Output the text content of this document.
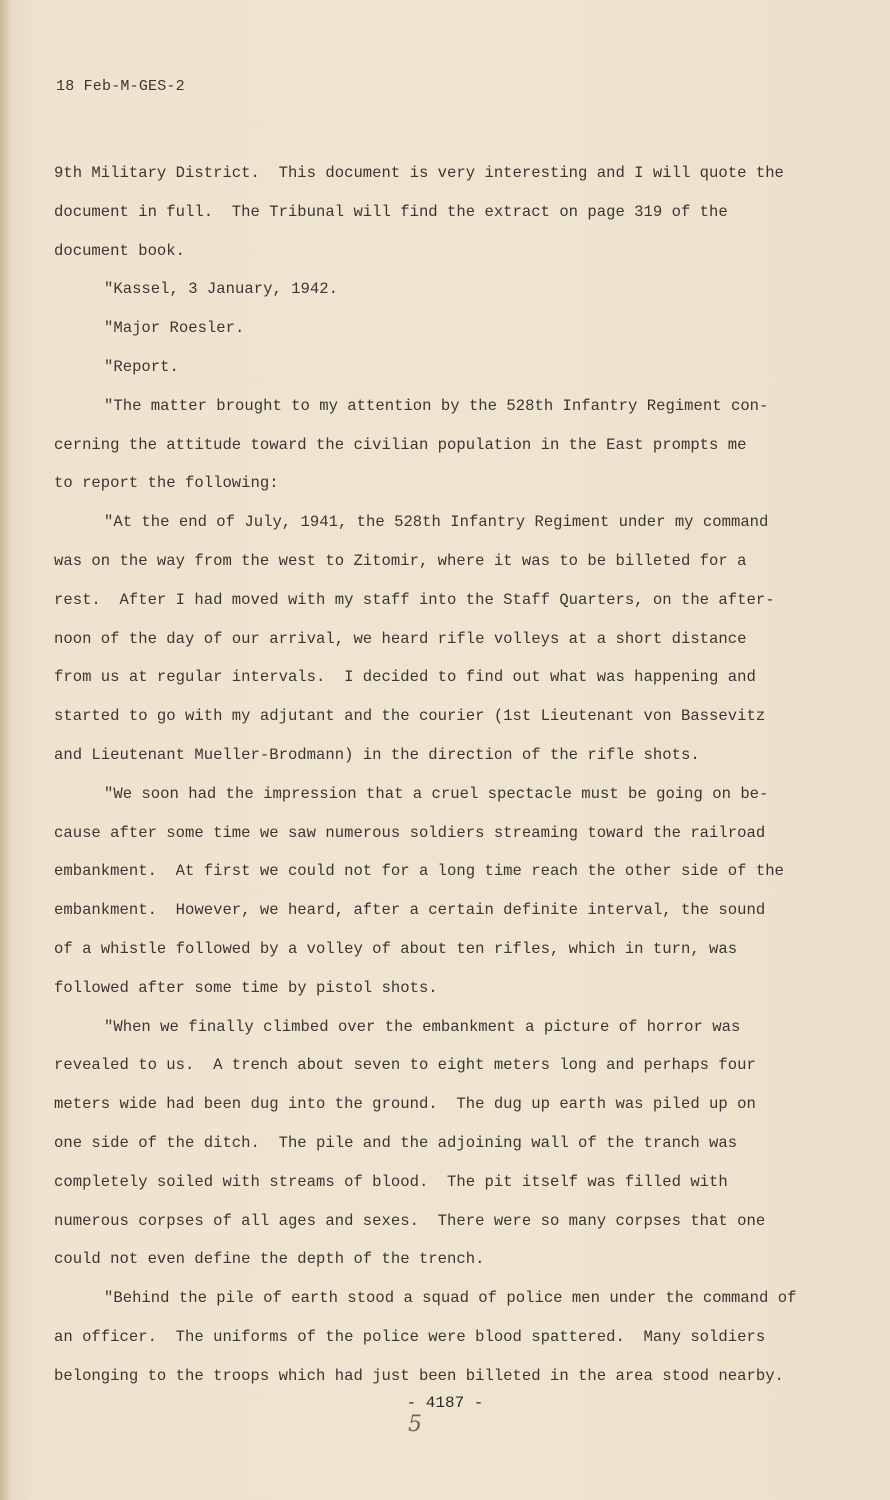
18 Feb-M-GES-2
9th Military District.  This document is very interesting and I will quote the
document in full.  The Tribunal will find the extract on page 319 of the
document book.
"Kassel, 3 January, 1942.
"Major Roesler.
"Report.
"The matter brought to my attention by the 528th Infantry Regiment con-
cerning the attitude toward the civilian population in the East prompts me
to report the following:
"At the end of July, 1941, the 528th Infantry Regiment under my command
was on the way from the west to Zitomir, where it was to be billeted for a
rest.  After I had moved with my staff into the Staff Quarters, on the after-
noon of the day of our arrival, we heard rifle volleys at a short distance
from us at regular intervals.  I decided to find out what was happening and
started to go with my adjutant and the courier (1st Lieutenant von Bassevitz
and Lieutenant Mueller-Brodmann) in the direction of the rifle shots.
"We soon had the impression that a cruel spectacle must be going on be-
cause after some time we saw numerous soldiers streaming toward the railroad
embankment.  At first we could not for a long time reach the other side of the
embankment.  However, we heard, after a certain definite interval, the sound
of a whistle followed by a volley of about ten rifles, which in turn, was
followed after some time by pistol shots.
"When we finally climbed over the embankment a picture of horror was
revealed to us.  A trench about seven to eight meters long and perhaps four
meters wide had been dug into the ground.  The dug up earth was piled up on
one side of the ditch.  The pile and the adjoining wall of the tranch was
completely soiled with streams of blood.  The pit itself was filled with
numerous corpses of all ages and sexes.  There were so many corpses that one
could not even define the depth of the trench.
"Behind the pile of earth stood a squad of police men under the command of
an officer.  The uniforms of the police were blood spattered.  Many soldiers
belonging to the troops which had just been billeted in the area stood nearby.
- 4187 -
5
